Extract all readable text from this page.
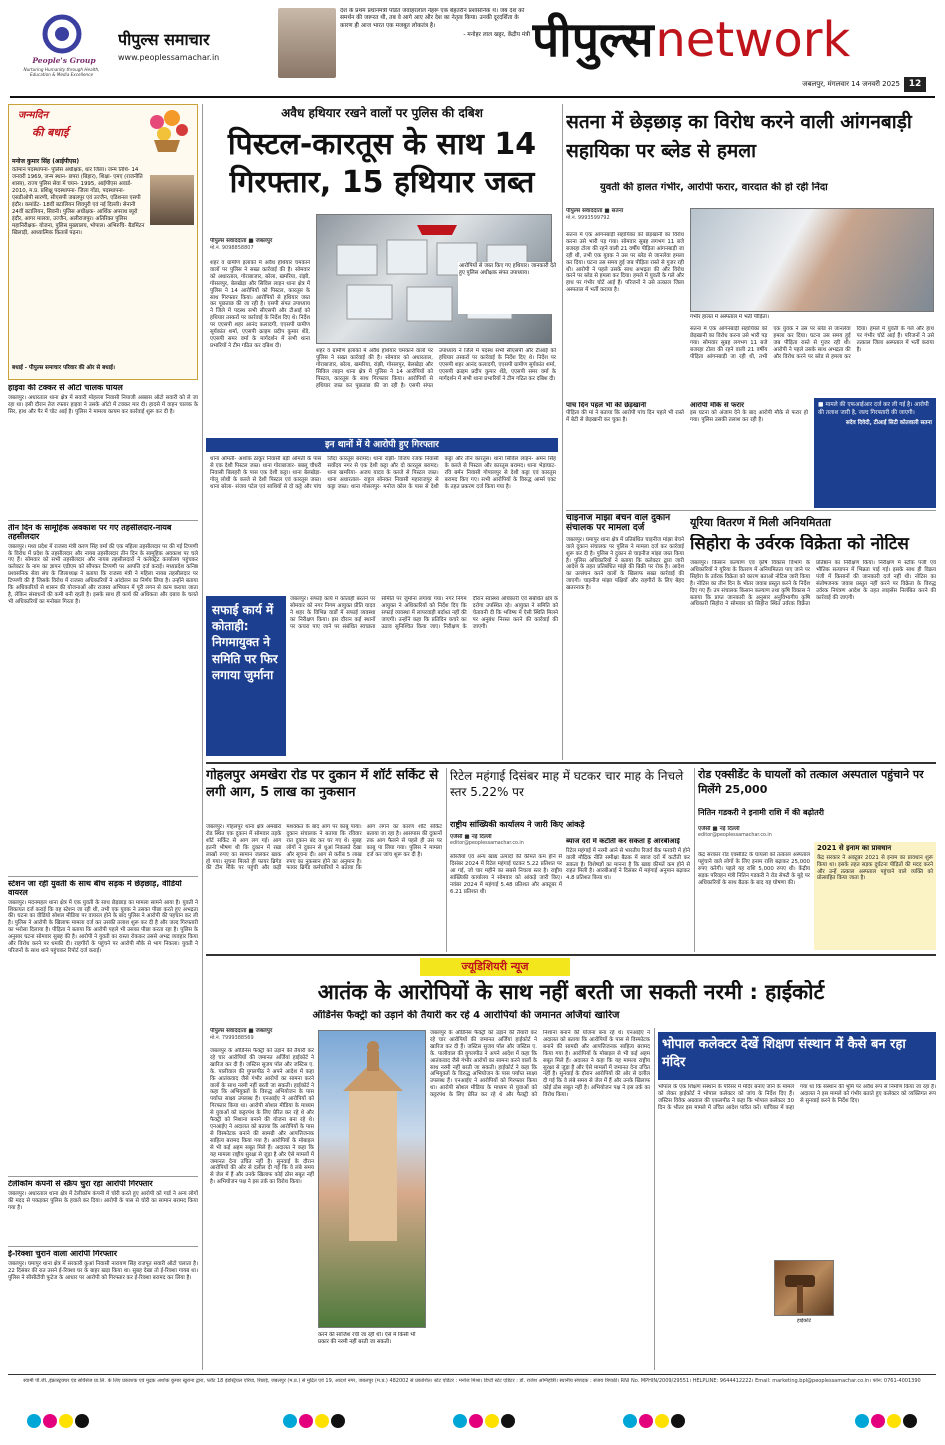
People's Group
Nurturing Humanity through Health, Education & Media Excellence
पीपुल्स समाचार
www.peoplessamachar.in
देश के प्रथम प्रधानमंत्री पंडित जवाहरलाल नेहरू एक बेहतरीन प्रशासनिक थे। जब देश को समर्थन की जरूरत थी, तब वे आगे आए और देश का नेतृत्व किया। उनकी दूरदर्शिता के कारण ही आज भारत एक मजबूत लोकतंत्र है।
- मनोहर लाल खट्टर, केंद्रीय मंत्री पीपुल्स network
जबलपुर, मंगलवार 14 जनवरी 2025 12
जन्मदिन
की बधाई
मनोज कुमार सिंह (आईपीएस)
वर्तमान पदस्थापना- पुलिस अधीक्षक, धार जिला। जन्म तिथि- 14 जनवरी 1969, जन्म स्थान- छपरा (बिहार), शिक्षा- एमए (राजनीति शास्त्र), राज्य पुलिस सेवा में चयन- 1995, आईपीएस अवार्ड- 2010, म.प्र. प्रशिक्षु पदस्थापना- जिला गोंडा, पदस्थापना- एसडीओपी सारणी, सीएसपी जबलपुर एवं उज्जैन, एडिशनल एसपी इंदौर। कमांडेंट- 18वीं बटालियन शिवपुरी एवं नई दिल्ली। सेनानी 24वीं बटालियन, सिवनी। पुलिस अधीक्षक- आर्थिक अपराध ब्यूरो इंदौर, आगर मालवा, उज्जैन, अलीराजपुर। अतिरिक्त पुलिस महानिरीक्षक- योजना, पुलिस मुख्यालय, भोपाल। अभिरुचि- बैडमिंटन खिलाड़ी, आध्यात्मिक किताबें पढ़ना।
बधाई - पीपुल्स समाचार परिवार की ओर से बधाई।
हाइवा की टक्कर से ऑटो चालक घायल
जबलपुर। अधारताल थाना क्षेत्र में सवारी मोहल्ला निवासी नियाजी अब्बास ऑटो सवारी को ले जा रहा था। इसी दौरान तेज रफ्तार हाइवा ने उसके ऑटो में टक्कर मार दी। हादसे में वाहन चालक के सिर, हाथ और पैर में चोट आई है। पुलिस ने मामला कायम कर कार्रवाई शुरू कर दी है।
तीन दिन के सामूहिक अवकाश पर गए तहसीलदार-नायब तहसीलदार
जबलपुर। मध्य प्रदेश में राजस्व मंत्री करण सिंह वर्मा की एक महिला तहसीलदार पर की गई टिप्पणी के विरोध में प्रदेश के तहसीलदार और नायब तहसीलदार तीन दिन के सामूहिक अवकाश पर चले गए हैं। सोमवार को सभी तहसीलदार और नायब तहसीलदारों ने कलेक्ट्रेट कार्यालय पहुंचकर कलेक्टर के नाम का ज्ञापन एडीएम को सौंपकर टिप्पणी पर आपत्ति दर्ज कराई। मध्यप्रदेश कनिष्ठ प्रशासनिक सेवा संघ के जिलाध्यक्ष ने बताया कि राजस्व मंत्री ने महिला नायब तहसीलदार पर टिप्पणी की है जिसके विरोध में राजस्व अधिकारियों ने आंदोलन का निर्णय लिया है। उन्होंने बताया कि अधिकारियों से शासन की योजनाओं और राजस्व अभियान में पूरी लगन से काम कराया जाता है, लेकिन संसाधनों की कमी बनी रहती है। इसके साथ ही कार्य की अधिकता और दबाव के चलते भी अधिकारियों का मनोबल गिरता है।
स्टेशन जा रही युवती के साथ बीच सड़क में छेड़छाड़, वीडियो वायरल
जबलपुर। मदनमहल थाना क्षेत्र में एक युवती के साथ छेड़छाड़ का मामला सामने आया है। युवती ने शिकायत दर्ज कराई कि वह स्टेशन जा रही थी, तभी एक युवक ने उसका पीछा करते हुए अभद्रता की। घटना का वीडियो सोशल मीडिया पर वायरल होने के बाद पुलिस ने आरोपी की पहचान कर ली है। पुलिस ने आरोपी के खिलाफ मामला दर्ज कर उसकी तलाश शुरू कर दी है और जल्द गिरफ्तारी का भरोसा दिलाया है। पीड़िता ने बताया कि आरोपी पहले भी उसका पीछा करता रहा है। पुलिस के अनुसार घटना सोमवार सुबह की है। आरोपी ने युवती का रास्ता रोककर उससे अभद्र व्यवहार किया और विरोध करने पर धमकी दी। राहगीरों के पहुंचने पर आरोपी मौके से भाग निकला। युवती ने परिजनों के साथ थाने पहुंचकर रिपोर्ट दर्ज कराई।
टेलीकॉम कंपनी से स्क्रैप चुरा रहा आरोपी गिरफ्तार
जबलपुर। अधारताल थाना क्षेत्र में टेलीकॉम कंपनी में चोरी करते हुए आरोपी को गार्ड ने अन्य लोगों की मदद से पकड़कर पुलिस के हवाले कर दिया। आरोपी के पास से चोरी का सामान बरामद किया गया है।
ई-रिक्शा चुराने वाला आरोपी गिरफ्तार
जबलपुर। घमापुर थाना क्षेत्र में सरकारी कुआं निवासी नारायण सिंह राजपूत सवारी ऑटो चलाता है। 22 दिसंबर की रात उसने ई-रिक्शा घर के बाहर खड़ा किया था। सुबह देखा तो ई-रिक्शा गायब था। पुलिस ने सीसीटीवी फुटेज के आधार पर आरोपी को गिरफ्तार कर ई-रिक्शा बरामद कर लिया है।
अवैध हथियार रखने वालों पर पुलिस की दबिश
पिस्टल-कारतूस के साथ 14 गिरफ्तार, 15 हथियार जब्त
पीपुल्स संवाददाता ■ जबलपुर
मो.नं. 9098858807
शहर व ग्रामीण इलाकों में अवैध हथियार चमकाने वालों पर पुलिस ने सख्त कार्रवाई की है। सोमवार को अधारताल, गोराबाजार, बरेला, खमरिया, रांझी, गोसलपुर, बेलखेड़ा और सिविल लाइन थाना क्षेत्र में पुलिस ने 14 आरोपियों को पिस्टल, कारतूस के साथ गिरफ्तार किया। आरोपियों से हथियार जब्त कर पूछताछ की जा रही है। एसपी संपत उपाध्याय ने जिले में पदस्थ सभी सीएसपी और टीआई को हथियार तस्करों पर कार्रवाई के निर्देश दिए थे। निर्देश पर एएसपी शहर आनंद कलादगी, एएसपी ग्रामीण सूर्यकांत शर्मा, एएसपी क्राइम प्रदीप कुमार शेंडे, एएसपी समर वर्मा के मार्गदर्शन में सभी थाना प्रभारियों ने टीम गठित कर दबिश दी।
आरोपियों से जब्त किए गए हथियार। जानकारी देते हुए पुलिस अधीक्षक संपत उपाध्याय।
शहर व ग्रामीण इलाकों में अवैध हथियार चमकाने वालों पर पुलिस ने सख्त कार्रवाई की है। सोमवार को अधारताल, गोराबाजार, बरेला, खमरिया, रांझी, गोसलपुर, बेलखेड़ा और सिविल लाइन थाना क्षेत्र में पुलिस ने 14 आरोपियों को पिस्टल, कारतूस के साथ गिरफ्तार किया। आरोपियों से हथियार जब्त कर पूछताछ की जा रही है। एसपी संपत उपाध्याय ने जिले में पदस्थ सभी सीएसपी और टीआई को हथियार तस्करों पर कार्रवाई के निर्देश दिए थे। निर्देश पर एएसपी शहर आनंद कलादगी, एएसपी ग्रामीण सूर्यकांत शर्मा, एएसपी क्राइम प्रदीप कुमार शेंडे, एएसपी समर वर्मा के मार्गदर्शन में सभी थाना प्रभारियों ने टीम गठित कर दबिश दी।
इन थानों में ये आरोपी हुए गिरफ्तार
थाना ओमती- अशोक ठाकुर निवासी बड़ी ओमती के पास से एक देशी पिस्टल जब्त। थाना गोराबाजार- बबलू चौधरी निवासी बिलहरी के पास एक देशी कट्टा। थाना बेलखेड़ा- गोलू लोधी के कब्जे से देशी पिस्टल एवं कारतूस जब्त। थाना बरेला- संजय पटेल एवं साथियों से दो कट्टे और पांच जिंदा कारतूस बरामद। थाना रांझी- विजय रजक निवासी सर्वोदय नगर से एक देशी कट्टा और दो कारतूस बरामद। थाना खमरिया- अजय यादव के कब्जे से पिस्टल जब्त। थाना अधारताल- राहुल सोनकर निवासी महाराजपुर से कट्टा जब्त। थाना गोसलपुर- मनोज कोल के पास से देशी कट्टा और तीन कारतूस। थाना सिविल लाइन- अमन सिंह के कब्जे से पिस्टल और कारतूस बरामद। थाना भेड़ाघाट- रवि बर्मन निवासी गोपालपुर से देशी कट्टा एवं कारतूस बरामद किए गए। सभी आरोपियों के विरुद्ध आर्म्स एक्ट के तहत प्रकरण दर्ज किया गया है।
सफाई कार्य में कोताही: निगमायुक्त ने समिति पर फिर लगाया जुर्माना
जबलपुर। सफाई कार्य में कोताही बरतने पर सोमवार को नगर निगम आयुक्त प्रीति यादव ने शहर के विभिन्न वार्डों में सफाई व्यवस्था का निरीक्षण किया। इस दौरान कई स्थानों पर कचरा पाए जाने पर संबंधित स्वच्छता समिति पर जुर्माना लगाया गया। नगर निगम आयुक्त ने अधिकारियों को निर्देश दिए कि सफाई व्यवस्था में लापरवाही बर्दाश्त नहीं की जाएगी। उन्होंने कहा कि प्रतिदिन कचरे का उठाव सुनिश्चित किया जाए। निरीक्षण के दौरान स्वास्थ्य अधिकारी एवं संबंधित क्षेत्र के दरोगा उपस्थित रहे। आयुक्त ने समिति को चेतावनी दी कि भविष्य में ऐसी स्थिति मिलने पर अनुबंध निरस्त करने की कार्रवाई की जाएगी।
सतना में छेड़छाड़ का विरोध करने वाली आंगनबाड़ी सहायिका पर ब्लेड से हमला
युवती की हालत गंभीर, आरोपी फरार, वारदात की हो रही निंदा
पीपुल्स संवाददाता ■ सतना
मो.नं. 9993599792
सतना में एक आंगनबाड़ी सहायिका को छेड़खानी का विरोध करना उसे भारी पड़ गया। सोमवार सुबह लगभग 11 बजे बजरहा टोला की रहने वाली 21 वर्षीय पीड़िता आंगनबाड़ी जा रही थी, तभी एक युवक ने उस पर ब्लेड से जानलेवा हमला कर दिया। घटना उस समय हुई जब पीड़िता रास्ते से गुजर रही थी। आरोपी ने पहले उसके साथ अभद्रता की और विरोध करने पर ब्लेड से हमला कर दिया। हमले में युवती के गले और हाथ पर गंभीर चोटें आई हैं। परिजनों ने उसे तत्काल जिला अस्पताल में भर्ती कराया है।
गंभीर हालत में अस्पताल में भर्ती पीड़िता।
सतना में एक आंगनबाड़ी सहायिका को छेड़खानी का विरोध करना उसे भारी पड़ गया। सोमवार सुबह लगभग 11 बजे बजरहा टोला की रहने वाली 21 वर्षीय पीड़िता आंगनबाड़ी जा रही थी, तभी एक युवक ने उस पर ब्लेड से जानलेवा हमला कर दिया। घटना उस समय हुई जब पीड़िता रास्ते से गुजर रही थी। आरोपी ने पहले उसके साथ अभद्रता की और विरोध करने पर ब्लेड से हमला कर दिया। हमले में युवती के गले और हाथ पर गंभीर चोटें आई हैं। परिजनों ने उसे तत्काल जिला अस्पताल में भर्ती कराया है।
पांच दिन पहले भी की छेड़खानी
पीड़िता की मां ने बताया कि आरोपी पांच दिन पहले भी रास्ते में बेटी से छेड़खानी कर चुका है।
आरोपी मौके से फरार
इस घटना को अंजाम देने के बाद आरोपी मौके से फरार हो गया। पुलिस उसकी तलाश कर रही है।
■ मामले की एफआईआर दर्ज कर ली गई है। आरोपी की तलाश जारी है, जल्द गिरफ्तारी की जाएगी।
सदेव दिवेदी, टीआई सिटी कोतवाली सतना
चाइनीज मांझा बेचने वाले दुकान संचालक पर मामला दर्ज
जबलपुर। घमापुर थाना क्षेत्र में प्रतिबंधित चाइनीज मांझा बेचने वाले दुकान संचालक पर पुलिस ने मामला दर्ज कर कार्रवाई शुरू कर दी है। पुलिस ने दुकान से चाइनीज मांझा जब्त किया है। पुलिस अधिकारियों ने बताया कि कलेक्टर द्वारा जारी आदेश के तहत प्रतिबंधित मांझे की बिक्री पर रोक है। आदेश का उल्लंघन करने वालों के खिलाफ सख्त कार्रवाई की जाएगी। चाइनीज मांझा पक्षियों और राहगीरों के लिए बेहद खतरनाक है।
यूरिया वितरण में मिली अनियमितता
सिहोरा के उर्वरक विक्रेता को नोटिस
जबलपुर। किसान कल्याण एवं कृषि विकास विभाग के अधिकारियों ने यूरिया के वितरण में अनियमितता पाए जाने पर सिहोरा के उर्वरक विक्रेता को कारण बताओ नोटिस जारी किया है। नोटिस का तीन दिन के भीतर जवाब प्रस्तुत करने के निर्देश दिए गए हैं। उप संचालक किसान कल्याण तथा कृषि विकास ने बताया कि प्राप्त जानकारी के अनुसार अनुविभागीय कृषि अधिकारी सिहोरा ने सोमवार को सिहोरा स्थित उर्वरक विक्रेता प्रतिष्ठान का निरीक्षण किया। निरीक्षण में स्टॉक पंजी एवं भौतिक सत्यापन में भिन्नता पाई गई। इसके साथ ही विक्रय पंजी में किसानों की जानकारी दर्ज नहीं थी। नोटिस का संतोषजनक जवाब प्रस्तुत नहीं करने पर विक्रेता के विरुद्ध उर्वरक नियंत्रण आदेश के तहत लाइसेंस निलंबित करने की कार्रवाई की जाएगी।
गोहलपुर अमखेरा रोड पर दुकान में शॉर्ट सर्किट से लगी आग, 5 लाख का नुकसान
जबलपुर। गोहलपुर थाना क्षेत्र अमखेरा रोड स्थित एक दुकान में सोमवार तड़के शॉर्ट सर्किट से आग लग गई। आग इतनी भीषण थी कि दुकान में रखा लाखों रुपए का सामान जलकर खाक हो गया। सूचना मिलते ही फायर ब्रिगेड की टीम मौके पर पहुंची और कड़ी मशक्कत के बाद आग पर काबू पाया। दुकान संचालक ने बताया कि रविवार रात दुकान बंद कर घर गए थे। सुबह लोगों ने दुकान से धुआं निकलते देखा और सूचना दी। आग से करीब 5 लाख रुपए का नुकसान होने का अनुमान है। फायर ब्रिगेड कर्मचारियों ने बताया कि आग लगने का कारण शॉर्ट सर्किट बताया जा रहा है। आसपास की दुकानों तक आग फैलने से पहले ही उस पर काबू पा लिया गया। पुलिस ने मामला दर्ज कर जांच शुरू कर दी है।
रिटेल महंगाई दिसंबर माह में घटकर चार माह के निचले स्तर 5.22% पर
राष्ट्रीय सांख्यिकी कार्यालय ने जारी किए आंकड़े
एजेंसी ■ नई दिल्ली
editor@peoplessamachar.co.in
सब्जियों एवं अन्य खाद्य उत्पादों की कीमतें कम होने से दिसंबर 2024 में रिटेल महंगाई घटकर 5.22 प्रतिशत पर आ गई, जो चार महीने का सबसे निचला स्तर है। राष्ट्रीय सांख्यिकी कार्यालय ने सोमवार को आंकड़े जारी किए। नवंबर 2024 में महंगाई 5.48 प्रतिशत और अक्टूबर में 6.21 प्रतिशत थी।
ब्याज दरों में कटौती कर सकता है आरबीआई
रिटेल महंगाई में नरमी आने से भारतीय रिजर्व बैंक फरवरी में होने वाली मौद्रिक नीति समीक्षा बैठक में ब्याज दरों में कटौती कर सकता है। विशेषज्ञों का मानना है कि खाद्य कीमतें कम होने से राहत मिली है। आरबीआई ने दिसंबर में महंगाई अनुमान बढ़ाकर 4.8 प्रतिशत किया था।
रोड एक्सीडेंट के घायलों को तत्काल अस्पताल पहुंचाने पर मिलेंगे 25,000
नितिन गडकरी ने इनामी राशि में की बढ़ोतरी
एजेंसी ■ नई दिल्ली
editor@peoplessamachar.co.in
केंद्र सरकार रोड एक्सीडेंट के घायलों को तत्काल अस्पताल पहुंचाने वाले लोगों के लिए इनाम राशि बढ़ाकर 25,000 रुपए करेगी। पहले यह राशि 5,000 रुपए थी। केंद्रीय सड़क परिवहन मंत्री नितिन गडकरी ने रोड सेफ्टी के मुद्दे पर अधिकारियों के साथ बैठक के बाद यह घोषणा की।
2021 से इनाम का प्रावधान
केंद्र सरकार ने अक्टूबर 2021 से इनाम का प्रावधान शुरू किया था। इसके तहत सड़क दुर्घटना पीड़ितों की मदद करने और उन्हें तत्काल अस्पताल पहुंचाने वाले व्यक्ति को प्रोत्साहित किया जाता है।
ज्यूडिशियरी न्यूज
आतंक के आरोपियों के साथ नहीं बरती जा सकती नरमी : हाईकोर्ट
ऑर्डिनेंस फैक्ट्री को उड़ाने की तैयारी कर रहे 4 आरोपियों की जमानत अर्जियां खारिज
पीपुल्स संवाददाता ■ जबलपुर
मो.नं. 7999388569
जबलपुर के ऑर्डिनेंस फैक्ट्री को उड़ाने की तैयारी कर रहे चार आरोपियों की जमानत अर्जियां हाईकोर्ट ने खारिज कर दी हैं। जस्टिस सुजय पॉल और जस्टिस ए. के. पालीवाल की युगलपीठ ने अपने आदेश में कहा कि आतंकवाद जैसे गंभीर आरोपों का सामना करने वालों के साथ नरमी नहीं बरती जा सकती। हाईकोर्ट ने कहा कि अभियुक्तों के विरुद्ध अभियोजन के पास पर्याप्त साक्ष्य उपलब्ध हैं। एनआईए ने आरोपियों को गिरफ्तार किया था। आरोपी सोशल मीडिया के माध्यम से युवाओं को कट्टरपंथ के लिए प्रेरित कर रहे थे और फैक्ट्री को निशाना बनाने की योजना बना रहे थे। एनआईए ने अदालत को बताया कि आरोपियों के पास से विस्फोटक बनाने की सामग्री और आपत्तिजनक साहित्य बरामद किया गया है। आरोपियों के मोबाइल से भी कई अहम सबूत मिले हैं। अदालत ने कहा कि यह मामला राष्ट्रीय सुरक्षा से जुड़ा है और ऐसे मामलों में जमानत देना उचित नहीं है। सुनवाई के दौरान आरोपियों की ओर से दलील दी गई कि वे लंबे समय से जेल में हैं और उनके खिलाफ कोई ठोस सबूत नहीं है। अभियोजन पक्ष ने इस तर्क का विरोध किया।
करने की साजिश रची जा रही थी। ऐसे में किसी भी प्रकार की नरमी नहीं बरती जा सकती।
जबलपुर के ऑर्डिनेंस फैक्ट्री को उड़ाने की तैयारी कर रहे चार आरोपियों की जमानत अर्जियां हाईकोर्ट ने खारिज कर दी हैं। जस्टिस सुजय पॉल और जस्टिस ए. के. पालीवाल की युगलपीठ ने अपने आदेश में कहा कि आतंकवाद जैसे गंभीर आरोपों का सामना करने वालों के साथ नरमी नहीं बरती जा सकती। हाईकोर्ट ने कहा कि अभियुक्तों के विरुद्ध अभियोजन के पास पर्याप्त साक्ष्य उपलब्ध हैं। एनआईए ने आरोपियों को गिरफ्तार किया था। आरोपी सोशल मीडिया के माध्यम से युवाओं को कट्टरपंथ के लिए प्रेरित कर रहे थे और फैक्ट्री को निशाना बनाने की योजना बना रहे थे। एनआईए ने अदालत को बताया कि आरोपियों के पास से विस्फोटक बनाने की सामग्री और आपत्तिजनक साहित्य बरामद किया गया है। आरोपियों के मोबाइल से भी कई अहम सबूत मिले हैं। अदालत ने कहा कि यह मामला राष्ट्रीय सुरक्षा से जुड़ा है और ऐसे मामलों में जमानत देना उचित नहीं है। सुनवाई के दौरान आरोपियों की ओर से दलील दी गई कि वे लंबे समय से जेल में हैं और उनके खिलाफ कोई ठोस सबूत नहीं है। अभियोजन पक्ष ने इस तर्क का विरोध किया।
भोपाल कलेक्टर देखें शिक्षण संस्थान में कैसे बन रहा मंदिर
भोपाल के एक शिक्षण संस्थान के परिसर में मंदिर बनाए जाने के मामले को लेकर हाईकोर्ट ने भोपाल कलेक्टर को जांच के निर्देश दिए हैं। जस्टिस विवेक अग्रवाल की एकलपीठ ने कहा कि भोपाल कलेक्टर 30 दिन के भीतर इस मामले में उचित आदेश पारित करें। याचिका में कहा गया था कि संस्थान की भूमि पर अवैध रूप से निर्माण किया जा रहा है। अदालत ने इस मामले को गंभीर बताते हुए कलेक्टर को व्यक्तिगत रूप से सुनवाई करने के निर्देश दिए।
हाईकोर्ट
स्वामी पी.जी.,इंफ्रास्ट्रक्चर एंड सर्विसेज प्रा.लि. के लिए प्रकाशक एवं मुद्रक अशोक कुमार खुराना द्वारा, प्लॉट 18 इंडस्ट्रियल एरिया, रिछाई, जबलपुर (म.प्र.) से मुद्रित एवं 19, आदर्श नगर, जबलपुर (म.प्र.) 482002 से प्रकाशित। स्टेट एडिटर : मनोज मिश्रा। डिप्टी स्टेट एडिटर : डॉ. राजेश अग्निहोत्री। स्थानीय संपादक : संजय त्रिपाठी। RNI No. MPHIN/2009/29551। HELPLINE: 9644412222। Email: marketing.bpl@peoplessamachar.co.in। फोन: 0761-4001390
